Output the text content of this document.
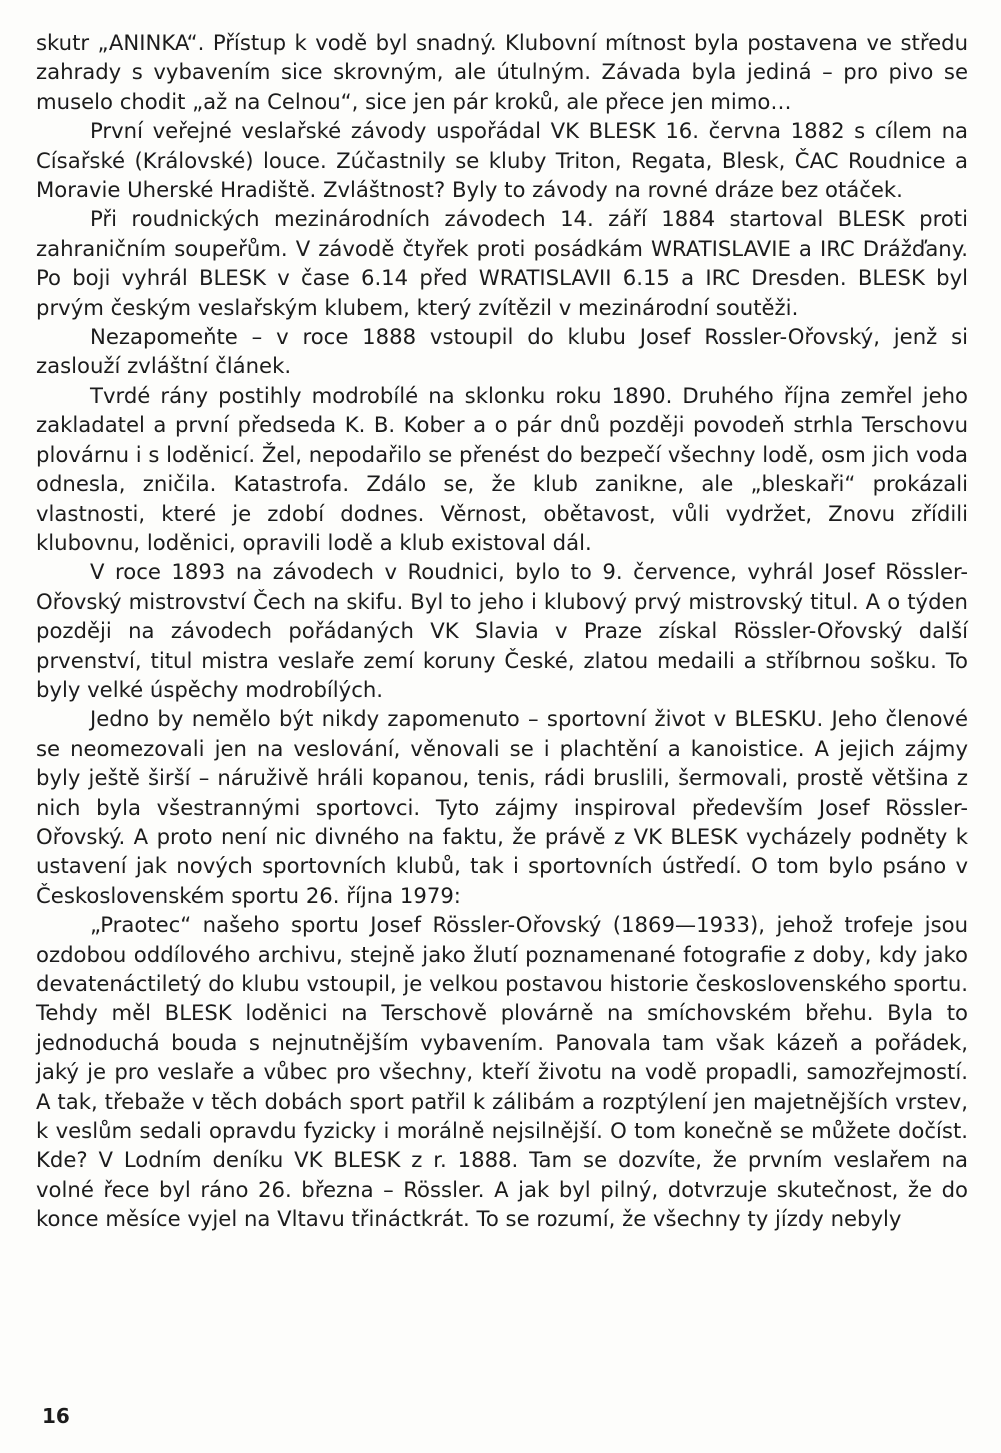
skutr „ANINKA“. Přístup k vodě byl snadný. Klubovní mítnost byla postavena ve středu zahrady s vybavením sice skrovným, ale útulným. Závada byla jediná – pro pivo se muselo chodit „až na Celnou“, sice jen pár kroků, ale přece jen mimo…

První veřejné veslařské závody uspořádal VK BLESK 16. června 1882 s cílem na Císařské (Královské) louce. Zúčastnily se kluby Triton, Regata, Blesk, ČAC Roudnice a Moravie Uherské Hradiště. Zvláštnost? Byly to závody na rovné dráze bez otáček.

Při roudnických mezinárodních závodech 14. září 1884 startoval BLESK proti zahraničním soupeřům. V závodě čtyřek proti posádkám WRATISLAVIE a IRC Drážďany. Po boji vyhrál BLESK v čase 6.14 před WRATISLAVII 6.15 a IRC Dresden. BLESK byl prvým českým veslařským klubem, který zvítězil v mezinárodní soutěži.

Nezapomeňte – v roce 1888 vstoupil do klubu Josef Rossler-Ořovský, jenž si zaslouží zvláštní článek.

Tvrdé rány postihly modrobílé na sklonku roku 1890. Druhého října zemřel jeho zakladatel a první předseda K. B. Kober a o pár dnů později povodeň strhla Terschovu plovárnu i s loděnicí. Žel, nepodařilo se přenést do bezpečí všechny lodě, osm jich voda odnesla, zničila. Katastrofa. Zdálo se, že klub zanikne, ale „bleskaři“ prokázali vlastnosti, které je zdobí dodnes. Věrnost, obětavost, vůli vydržet, Znovu zřídili klubovnu, loděnici, opravili lodě a klub existoval dál.

V roce 1893 na závodech v Roudnici, bylo to 9. července, vyhrál Josef Rössler-Ořovský mistrovství Čech na skifu. Byl to jeho i klubový prvý mistrovský titul. A o týden později na závodech pořádaných VK Slavia v Praze získal Rössler-Ořovský další prvenství, titul mistra veslaře zemí koruny České, zlatou medaili a stříbrnou sošku. To byly velké úspěchy modrobílých.

Jedno by nemělo být nikdy zapomenuto – sportovní život v BLESKU. Jeho členové se neomezovali jen na veslování, věnovali se i plachtění a kanoistice. A jejich zájmy byly ještě širší – náruživě hráli kopanou, tenis, rádi bruslili, šermovali, prostě většina z nich byla všestrannými sportovci. Tyto zájmy inspiroval především Josef Rössler-Ořovský. A proto není nic divného na faktu, že právě z VK BLESK vycházely podněty k ustavení jak nových sportovních klubů, tak i sportovních ústředí. O tom bylo psáno v Československém sportu 26. října 1979:

„Praotec“ našeho sportu Josef Rössler-Ořovský (1869—1933), jehož trofeje jsou ozdobou oddílového archivu, stejně jako žlutí poznamenané fotografie z doby, kdy jako devatenáctiletý do klubu vstoupil, je velkou postavou historie československého sportu. Tehdy měl BLESK loděnici na Terschově plovárně na smíchovském břehu. Byla to jednoduchá bouda s nejnutnějším vybavením. Panovala tam však kázeň a pořádek, jaký je pro veslaře a vůbec pro všechny, kteří životu na vodě propadli, samozřejmostí. A tak, třebaže v těch dobách sport patřil k zálibám a rozptýlení jen majetnějších vrstev, k veslům sedali opravdu fyzicky i morálně nejsilnější. O tom konečně se můžete dočíst. Kde? V Lodním deníku VK BLESK z r. 1888. Tam se dozvíte, že prvním veslařem na volné řece byl ráno 26. března – Rössler. A jak byl pilný, dotvrzuje skutečnost, že do konce měsíce vyjel na Vltavu třináctkrát. To se rozumí, že všechny ty jízdy nebyly

16
